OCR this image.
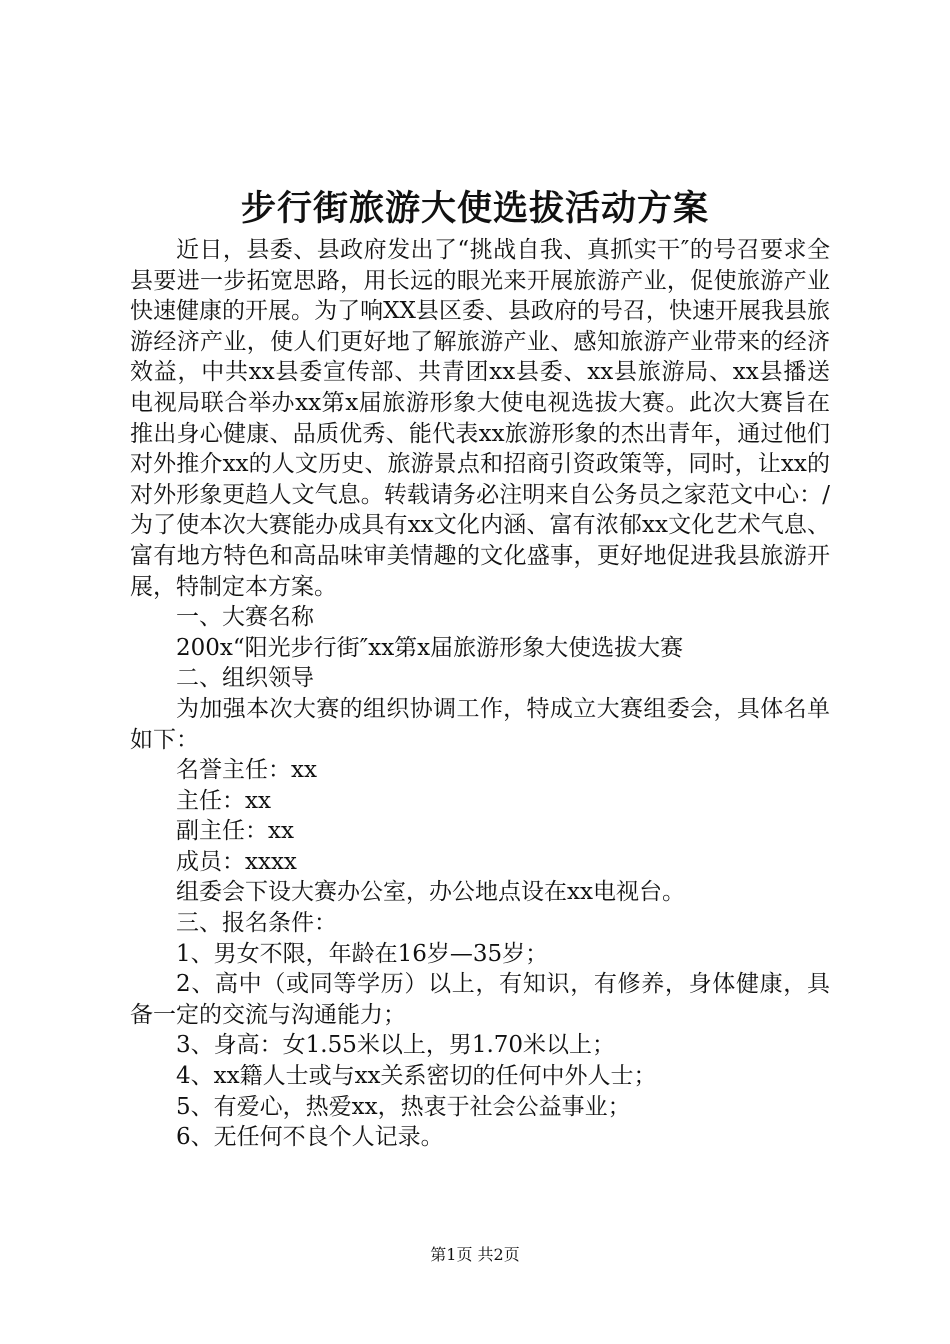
步行街旅游大使选拔活动方案

近日，县委、县政府发出了“挑战自我、真抓实干″的号召要求全县要进一步拓宽思路，用长远的眼光来开展旅游产业，促使旅游产业快速健康的开展。为了响XX县区委、县政府的号召，快速开展我县旅游经济产业，使人们更好地了解旅游产业、感知旅游产业带来的经济效益，中共xx县委宣传部、共青团xx县委、xx县旅游局、xx县播送电视局联合举办xx第x届旅游形象大使电视选拔大赛。此次大赛旨在推出身心健康、品质优秀、能代表xx旅游形象的杰出青年，通过他们对外推介xx的人文历史、旅游景点和招商引资政策等，同时，让xx的对外形象更趋人文气息。转载请务必注明来自公务员之家范文中心：/为了使本次大赛能办成具有xx文化内涵、富有浓郁xx文化艺术气息、富有地方特色和高品味审美情趣的文化盛事，更好地促进我县旅游开展，特制定本方案。

一、大赛名称

200x“阳光步行街″xx第x届旅游形象大使选拔大赛

二、组织领导

为加强本次大赛的组织协调工作，特成立大赛组委会，具体名单如下：

名誉主任：xx

主任：xx

副主任：xx

成员：xxxx

组委会下设大赛办公室，办公地点设在xx电视台。

三、报名条件：

1、男女不限，年龄在16岁—35岁；

2、高中（或同等学历）以上，有知识，有修养，身体健康，具备一定的交流与沟通能力；

3、身高：女1.55米以上，男1.70米以上；

4、xx籍人士或与xx关系密切的任何中外人士；

5、有爱心，热爱xx，热衷于社会公益事业；

6、无任何不良个人记录。

第1页 共2页
